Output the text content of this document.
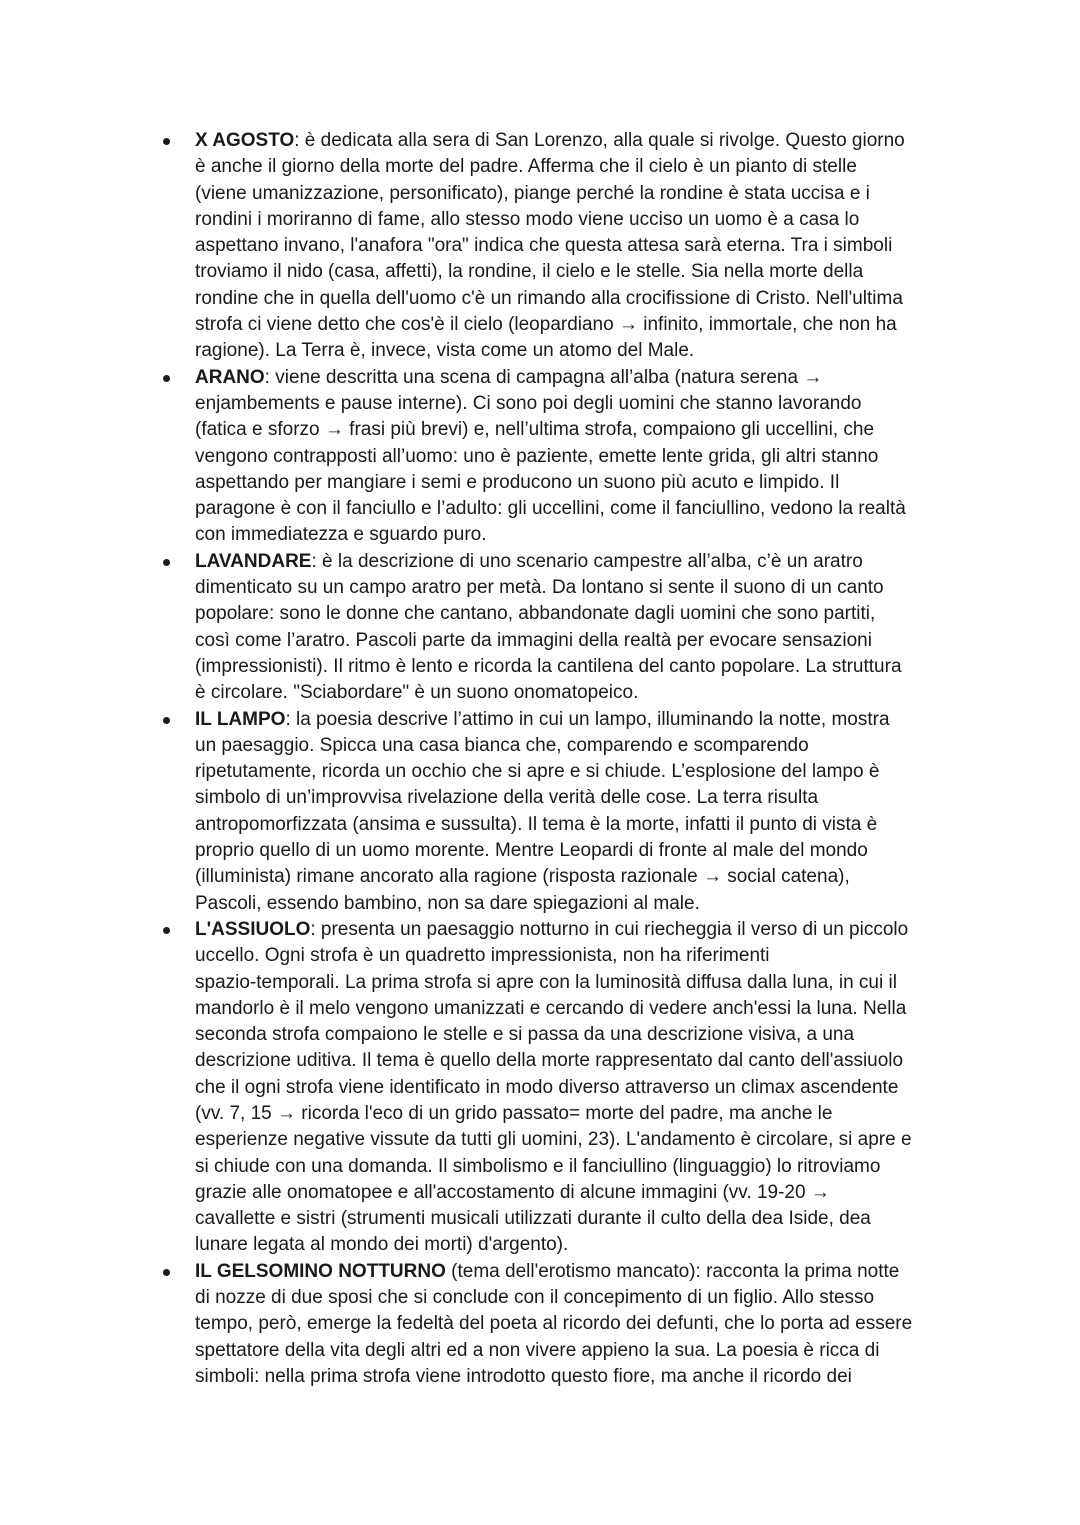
X AGOSTO: è dedicata alla sera di San Lorenzo, alla quale si rivolge. Questo giorno
è anche il giorno della morte del padre. Afferma che il cielo è un pianto di stelle
(viene umanizzazione, personificato), piange perché la rondine è stata uccisa e i
rondini i moriranno di fame, allo stesso modo viene ucciso un uomo è a casa lo
aspettano invano, l'anafora "ora" indica che questa attesa sarà eterna. Tra i simboli
troviamo il nido (casa, affetti), la rondine, il cielo e le stelle. Sia nella morte della
rondine che in quella dell'uomo c'è un rimando alla crocifissione di Cristo. Nell'ultima
strofa ci viene detto che cos'è il cielo (leopardiano → infinito, immortale, che non ha
ragione). La Terra è, invece, vista come un atomo del Male.
ARANO: viene descritta una scena di campagna all’alba (natura serena →
enjambements e pause interne). Ci sono poi degli uomini che stanno lavorando
(fatica e sforzo → frasi più brevi) e, nell’ultima strofa, compaiono gli uccellini, che
vengono contrapposti all’uomo: uno è paziente, emette lente grida, gli altri stanno
aspettando per mangiare i semi e producono un suono più acuto e limpido. Il
paragone è con il fanciullo e l’adulto: gli uccellini, come il fanciullino, vedono la realtà
con immediatezza e sguardo puro.
LAVANDARE: è la descrizione di uno scenario campestre all’alba, c’è un aratro
dimenticato su un campo aratro per metà. Da lontano si sente il suono di un canto
popolare: sono le donne che cantano, abbandonate dagli uomini che sono partiti,
così come l’aratro. Pascoli parte da immagini della realtà per evocare sensazioni
(impressionisti). Il ritmo è lento e ricorda la cantilena del canto popolare. La struttura
è circolare. "Sciabordare" è un suono onomatopeico.
IL LAMPO: la poesia descrive l’attimo in cui un lampo, illuminando la notte, mostra
un paesaggio. Spicca una casa bianca che, comparendo e scomparendo
ripetutamente, ricorda un occhio che si apre e si chiude. L’esplosione del lampo è
simbolo di un’improvvisa rivelazione della verità delle cose. La terra risulta
antropomorfizzata (ansima e sussulta). Il tema è la morte, infatti il punto di vista è
proprio quello di un uomo morente. Mentre Leopardi di fronte al male del mondo
(illuminista) rimane ancorato alla ragione (risposta razionale → social catena),
Pascoli, essendo bambino, non sa dare spiegazioni al male.
L'ASSIUOLO: presenta un paesaggio notturno in cui riecheggia il verso di un piccolo
uccello. Ogni strofa è un quadretto impressionista, non ha riferimenti
spazio-temporali. La prima strofa si apre con la luminosità diffusa dalla luna, in cui il
mandorlo è il melo vengono umanizzati e cercando di vedere anch'essi la luna. Nella
seconda strofa compaiono le stelle e si passa da una descrizione visiva, a una
descrizione uditiva. Il tema è quello della morte rappresentato dal canto dell'assiuolo
che il ogni strofa viene identificato in modo diverso attraverso un climax ascendente
(vv. 7, 15 → ricorda l'eco di un grido passato= morte del padre, ma anche le
esperienze negative vissute da tutti gli uomini, 23). L'andamento è circolare, si apre e
si chiude con una domanda. Il simbolismo e il fanciullino (linguaggio) lo ritroviamo
grazie alle onomatopee e all'accostamento di alcune immagini (vv. 19-20 →
cavallette e sistri (strumenti musicali utilizzati durante il culto della dea Iside, dea
lunare legata al mondo dei morti) d'argento).
IL GELSOMINO NOTTURNO (tema dell'erotismo mancato): racconta la prima notte
di nozze di due sposi che si conclude con il concepimento di un figlio. Allo stesso
tempo, però, emerge la fedeltà del poeta al ricordo dei defunti, che lo porta ad essere
spettatore della vita degli altri ed a non vivere appieno la sua. La poesia è ricca di
simboli: nella prima strofa viene introdotto questo fiore, ma anche il ricordo dei
